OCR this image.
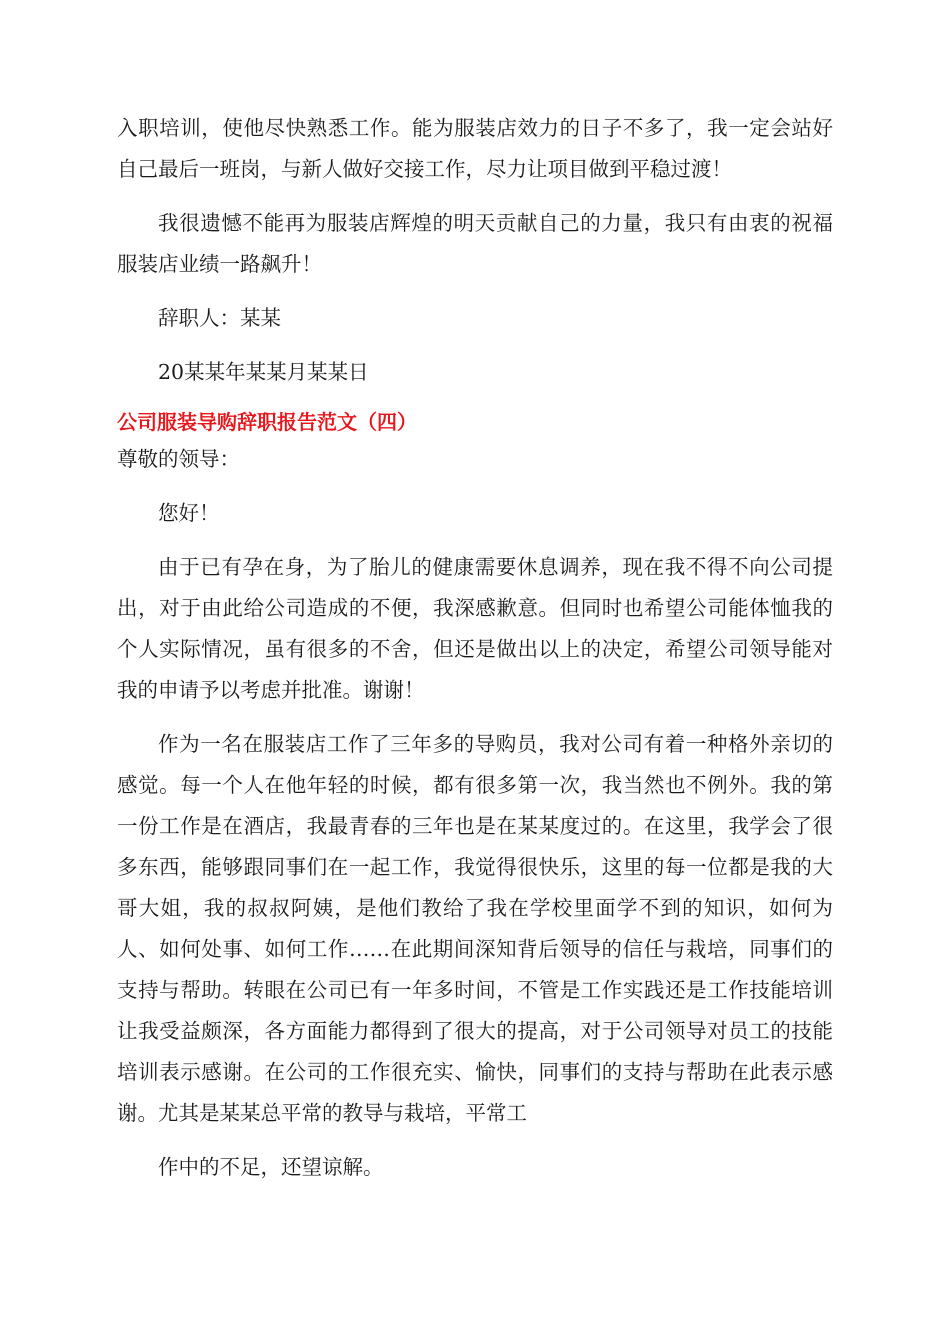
入职培训，使他尽快熟悉工作。能为服装店效力的日子不多了，我一定会站好自己最后一班岗，与新人做好交接工作，尽力让项目做到平稳过渡！

我很遗憾不能再为服装店辉煌的明天贡献自己的力量，我只有由衷的祝福服装店业绩一路飙升！

辞职人：某某

20某某年某某月某某日

公司服装导购辞职报告范文（四）

尊敬的领导：

您好！

由于已有孕在身，为了胎儿的健康需要休息调养，现在我不得不向公司提出，对于由此给公司造成的不便，我深感歉意。但同时也希望公司能体恤我的个人实际情况，虽有很多的不舍，但还是做出以上的决定，希望公司领导能对我的申请予以考虑并批准。谢谢！

作为一名在服装店工作了三年多的导购员，我对公司有着一种格外亲切的感觉。每一个人在他年轻的时候，都有很多第一次，我当然也不例外。我的第一份工作是在酒店，我最青春的三年也是在某某度过的。在这里，我学会了很多东西，能够跟同事们在一起工作，我觉得很快乐，这里的每一位都是我的大哥大姐，我的叔叔阿姨，是他们教给了我在学校里面学不到的知识，如何为人、如何处事、如何工作……在此期间深知背后领导的信任与栽培，同事们的支持与帮助。转眼在公司已有一年多时间，不管是工作实践还是工作技能培训让我受益颇深，各方面能力都得到了很大的提高，对于公司领导对员工的技能培训表示感谢。在公司的工作很充实、愉快，同事们的支持与帮助在此表示感谢。尤其是某某总平常的教导与栽培，平常工

作中的不足，还望谅解。
